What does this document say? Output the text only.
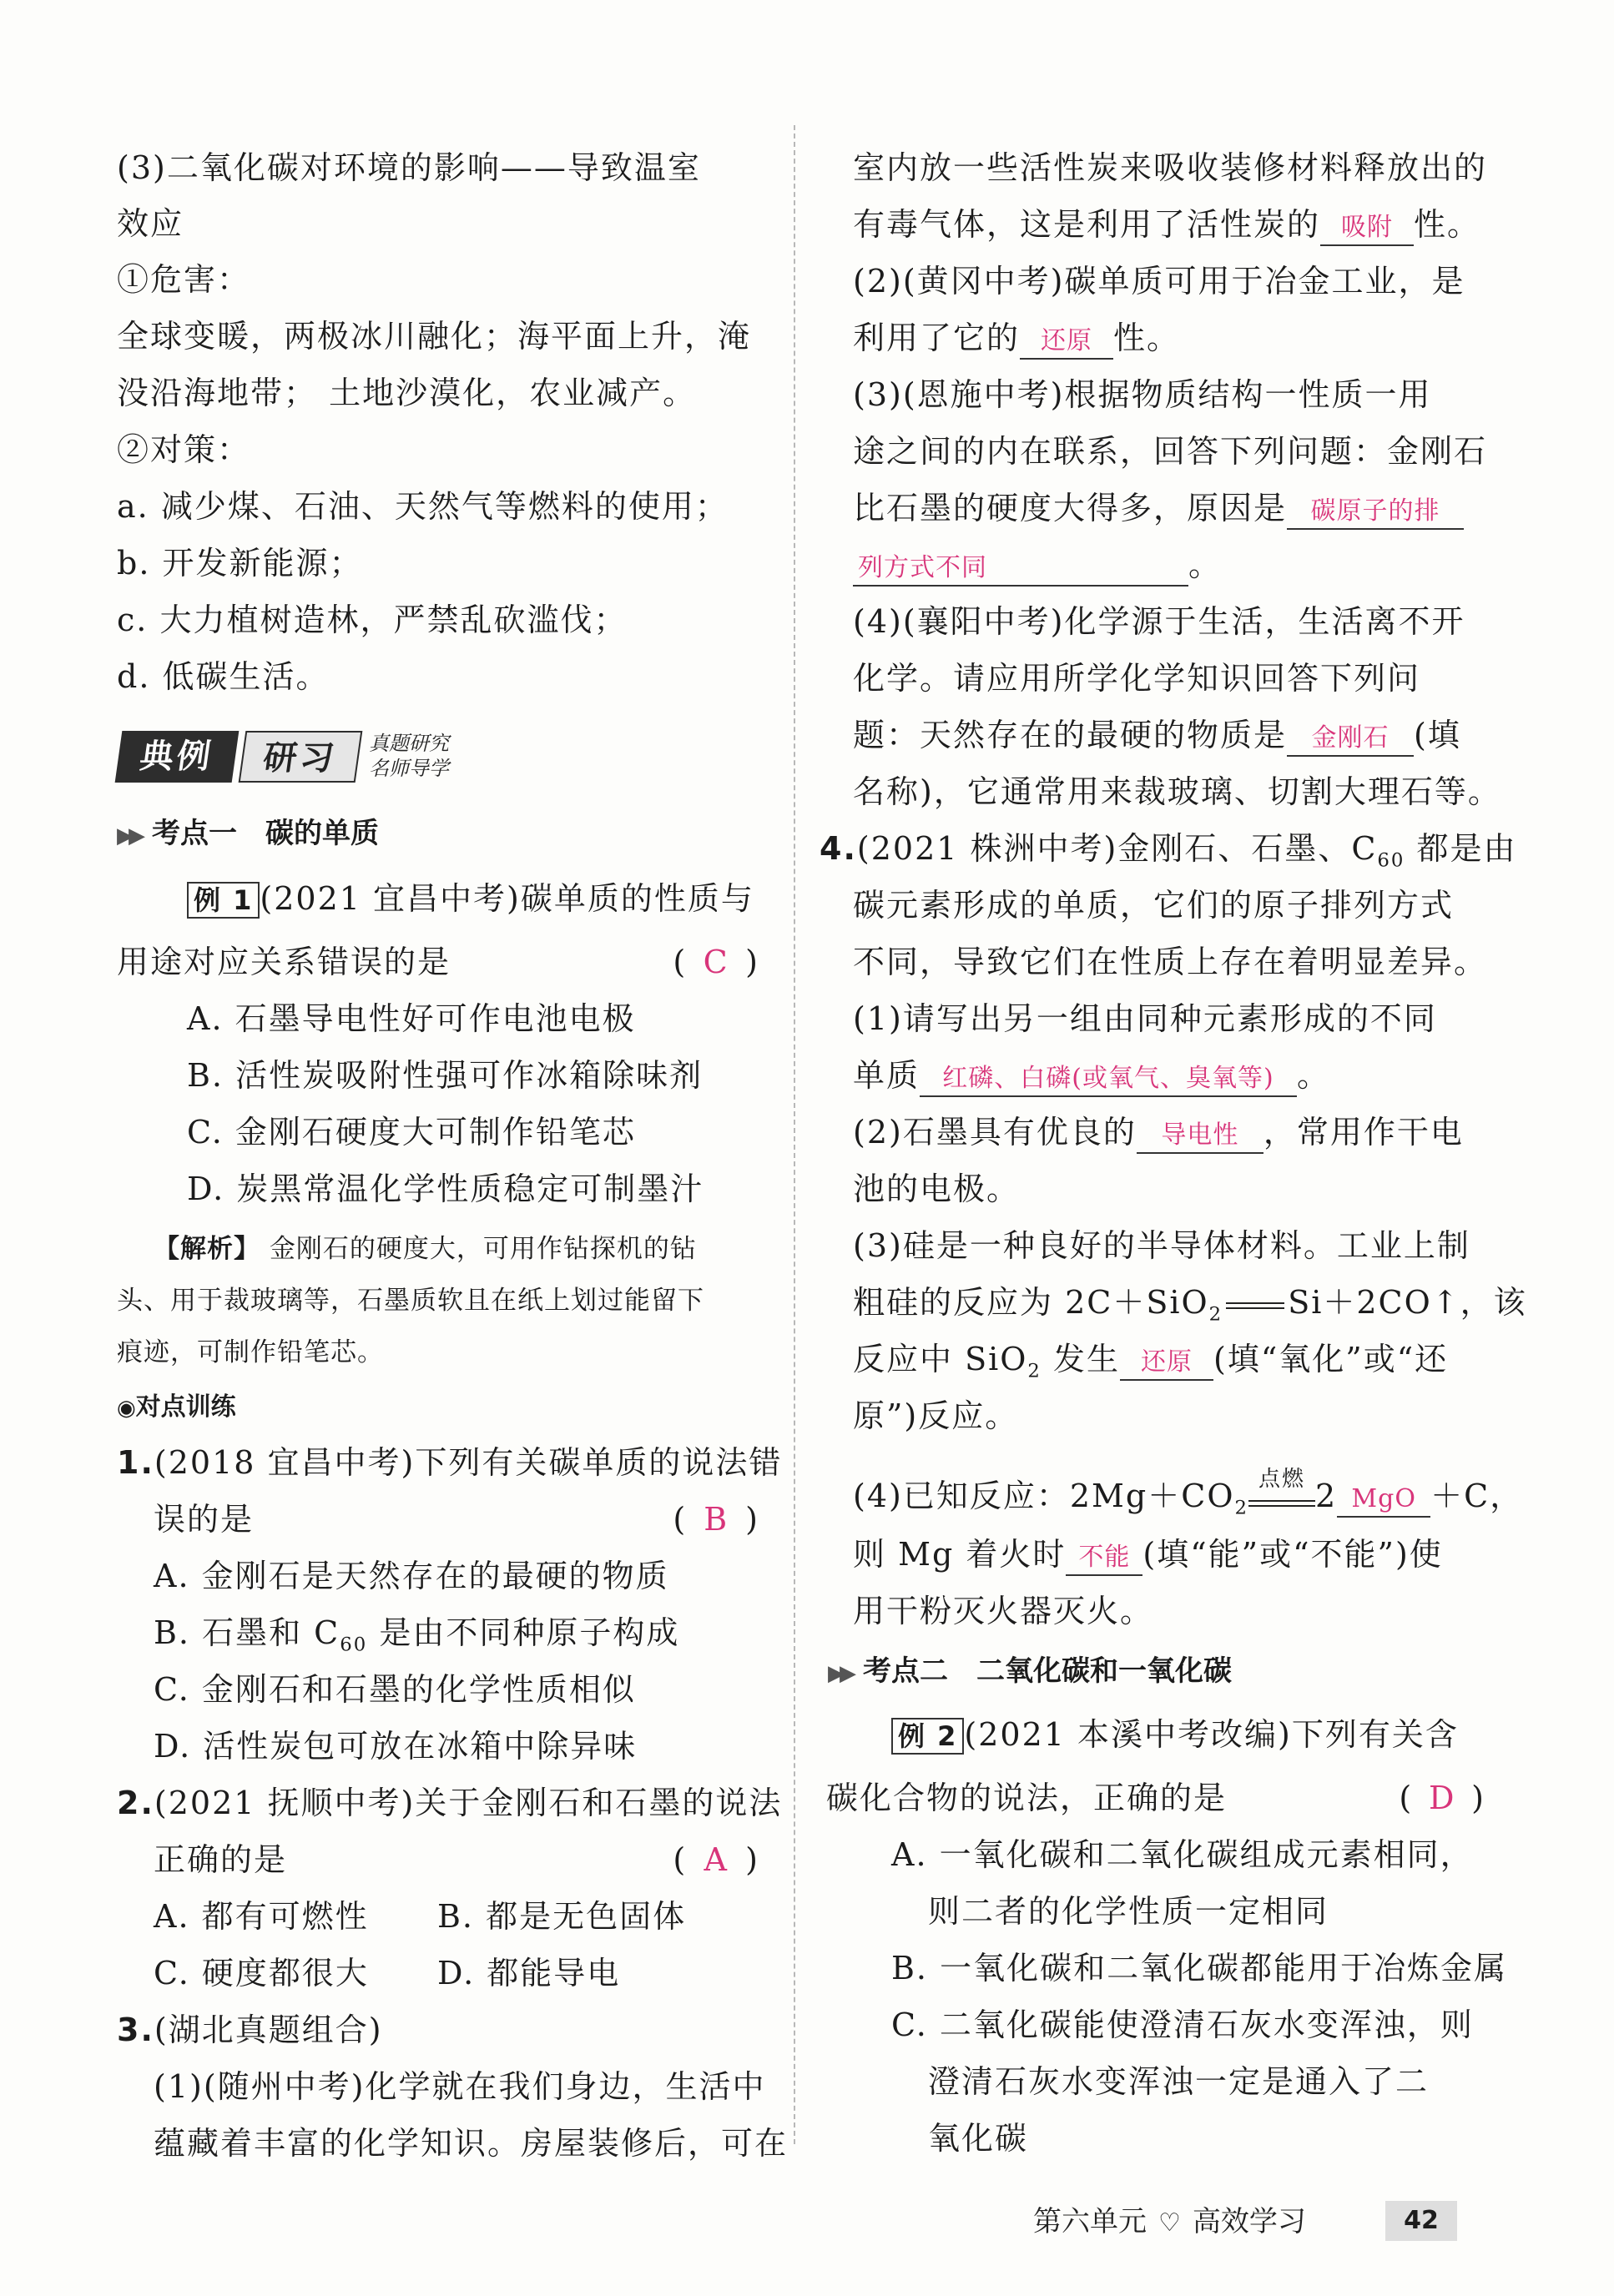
(3)二氧化碳对环境的影响——导致温室
效应
①危害：
全球变暖，两极冰川融化；海平面上升，淹
没沿海地带； 土地沙漠化，农业减产。
②对策：
a. 减少煤、石油、天然气等燃料的使用；
b. 开发新能源；
c. 大力植树造林，严禁乱砍滥伐；
d. 低碳生活。
典例	研习	真题研究
名师导学
▶▶ 考点一　碳的单质
例 1 (2021 宜昌中考)碳单质的性质与
用途对应关系错误的是	( C )
A. 石墨导电性好可作电池电极
B. 活性炭吸附性强可作冰箱除味剂
C. 金刚石硬度大可制作铅笔芯
D. 炭黑常温化学性质稳定可制墨汁
【解析】 金刚石的硬度大，可用作钻探机的钻
头、用于裁玻璃等，石墨质软且在纸上划过能留下
痕迹，可制作铅笔芯。
◉对点训练
1.(2018 宜昌中考)下列有关碳单质的说法错
误的是	( B )
A. 金刚石是天然存在的最硬的物质
B. 石墨和 $C_{60}$ 是由不同种原子构成
C. 金刚石和石墨的化学性质相似
D. 活性炭包可放在冰箱中除异味
2.(2021 抚顺中考)关于金刚石和石墨的说法
正确的是	( A )
A. 都有可燃性 B. 都是无色固体
C. 硬度都很大 D. 都能导电
3.(湖北真题组合)
(1)(随州中考)化学就在我们身边，生活中
蕴藏着丰富的化学知识。房屋装修后，可在
室内放一些活性炭来吸收装修材料释放出的
有毒气体，这是利用了活性炭的 吸附 性。
(2)(黄冈中考)碳单质可用于冶金工业，是
利用了它的 还原 性。
(3)(恩施中考)根据物质结构一性质一用
途之间的内在联系，回答下列问题：金刚石
比石墨的硬度大得多，原因是 碳原子的排
列方式不同	。
(4)(襄阳中考)化学源于生活，生活离不开
化学。请应用所学化学知识回答下列问
题：天然存在的最硬的物质是 金刚石 (填
名称)，它通常用来裁玻璃、切割大理石等。
4.(2021 株洲中考)金刚石、石墨、$C_{60}$ 都是由
碳元素形成的单质，它们的原子排列方式
不同，导致它们在性质上存在着明显差异。
(1)请写出另一组由同种元素形成的不同
单质 红磷、白磷(或氧气、臭氧等) 。
(2)石墨具有优良的 导电性 ，常用作干电
池的电极。
(3)硅是一种良好的半导体材料。工业上制
粗硅的反应为 2C＋SiO$_2$ Si＋2CO↑，该
反应中 SiO$_2$ 发生 还原 (填“氧化”或“还
原”)反应。
(4)已知反应：$2Mg+CO_2$
点燃 2 MgO ＋C，
则 Mg 着火时 不能 (填“能”或“不能”)使
用干粉灭火器灭火。
▶▶ 考点二　二氧化碳和一氧化碳
例 2 (2021 本溪中考改编)下列有关含
碳化合物的说法，正确的是	( D )
A. 一氧化碳和二氧化碳组成元素相同，
则二者的化学性质一定相同
B. 一氧化碳和二氧化碳都能用于冶炼金属
C. 二氧化碳能使澄清石灰水变浑浊，则
澄清石灰水变浑浊一定是通入了二
氧化碳
第六单元 ♡ 高效学习	42
